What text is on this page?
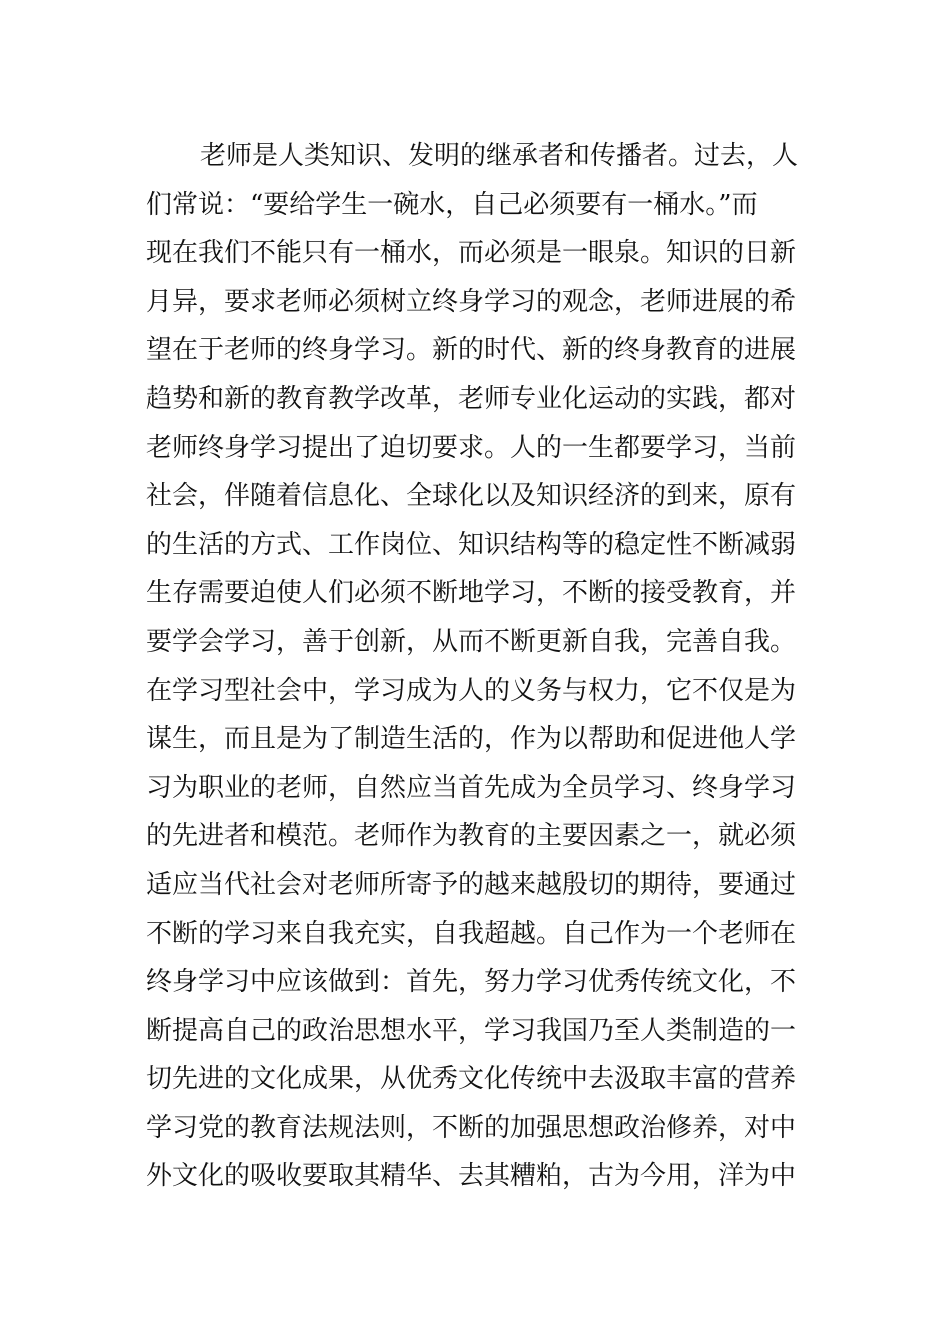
老师是人类知识、发明的继承者和传播者。过去，人
们常说：“要给学生一碗水，自己必须要有一桶水。”而
现在我们不能只有一桶水，而必须是一眼泉。知识的日新
月异，要求老师必须树立终身学习的观念，老师进展的希
望在于老师的终身学习。新的时代、新的终身教育的进展
趋势和新的教育教学改革，老师专业化运动的实践，都对
老师终身学习提出了迫切要求。人的一生都要学习，当前
社会，伴随着信息化、全球化以及知识经济的到来，原有
的生活的方式、工作岗位、知识结构等的稳定性不断减弱
生存需要迫使人们必须不断地学习，不断的接受教育，并
要学会学习，善于创新，从而不断更新自我，完善自我。
在学习型社会中，学习成为人的义务与权力，它不仅是为
谋生，而且是为了制造生活的，作为以帮助和促进他人学
习为职业的老师，自然应当首先成为全员学习、终身学习
的先进者和模范。老师作为教育的主要因素之一，就必须
适应当代社会对老师所寄予的越来越殷切的期待，要通过
不断的学习来自我充实，自我超越。自己作为一个老师在
终身学习中应该做到：首先，努力学习优秀传统文化，不
断提高自己的政治思想水平，学习我国乃至人类制造的一
切先进的文化成果，从优秀文化传统中去汲取丰富的营养
学习党的教育法规法则，不断的加强思想政治修养，对中
外文化的吸收要取其精华、去其糟粕，古为今用，洋为中
